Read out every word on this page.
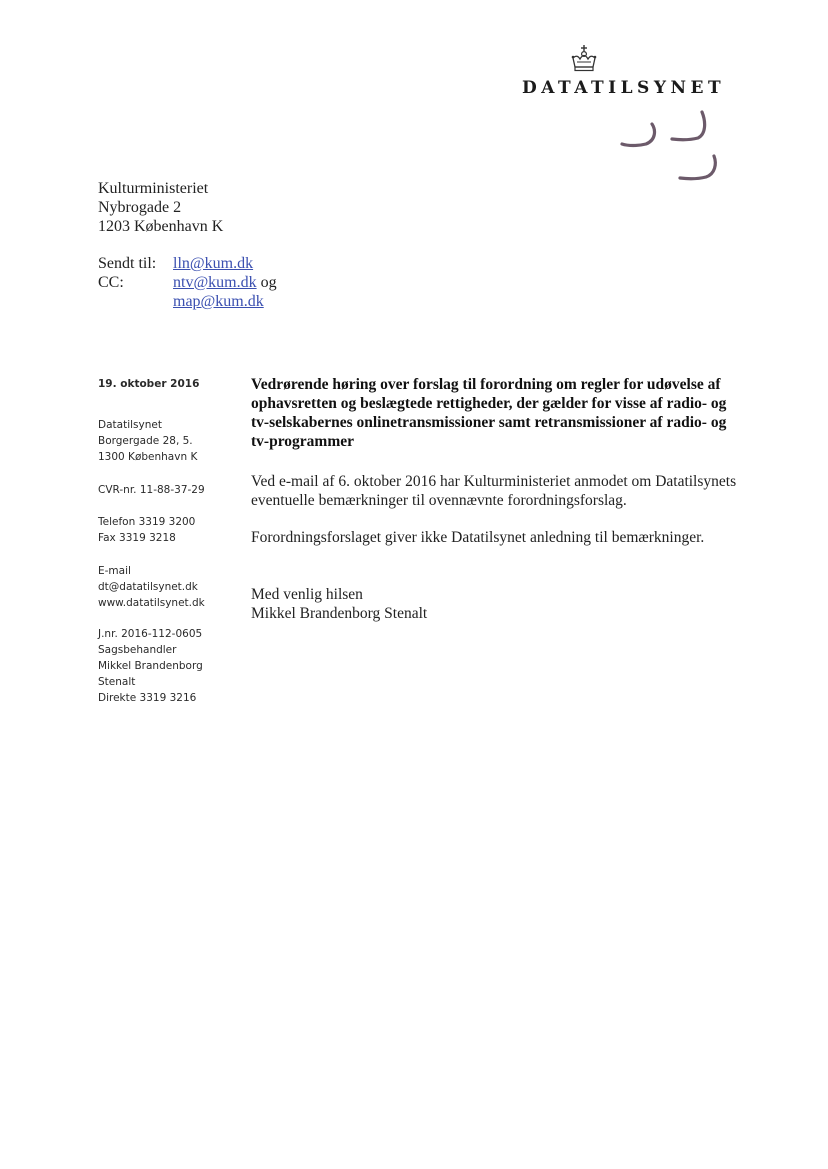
DATATILSYNET
Kulturministeriet
Nybrogade 2
1203 København K
Sendt til:	lln@kum.dk
CC:	ntv@kum.dk og
map@kum.dk
19. oktober 2016
Datatilsynet
Borgergade 28, 5.
1300 København K
CVR-nr. 11-88-37-29
Telefon 3319 3200
Fax 3319 3218
E-mail
dt@datatilsynet.dk
www.datatilsynet.dk
J.nr. 2016-112-0605
Sagsbehandler
Mikkel Brandenborg
Stenalt
Direkte 3319 3216
Vedrørende høring over forslag til forordning om regler for udøvelse af
ophavsretten og beslægtede rettigheder, der gælder for visse af radio- og
tv-selskabernes onlinetransmissioner samt retransmissioner af radio- og
tv-programmer
Ved e-mail af 6. oktober 2016 har Kulturministeriet anmodet om Datatilsynets
eventuelle bemærkninger til ovennævnte forordningsforslag.
Forordningsforslaget giver ikke Datatilsynet anledning til bemærkninger.
Med venlig hilsen
Mikkel Brandenborg Stenalt
